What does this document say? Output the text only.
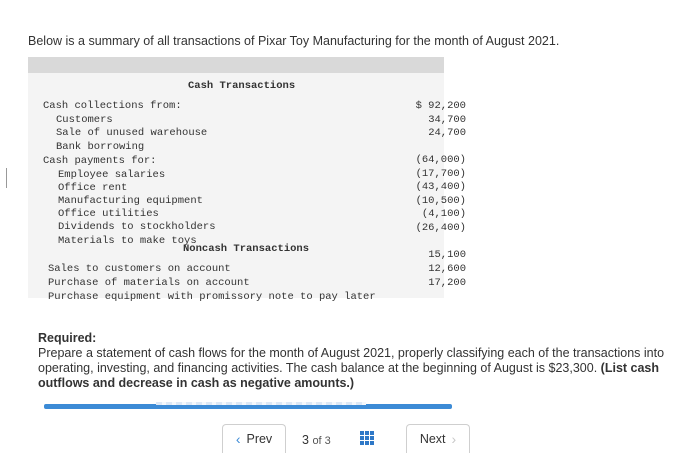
Below is a summary of all transactions of Pixar Toy Manufacturing for the month of August 2021.
Cash Transactions
Cash collections from:
Customers
Sale of unused warehouse
Bank borrowing
Cash payments for:
Employee salaries
Office rent
Manufacturing equipment
Office utilities
Dividends to stockholders
Materials to make toys
Noncash Transactions
Sales to customers on account
Purchase of materials on account
Purchase equipment with promissory note to pay later
$ 92,200
34,700
24,700
(64,000)
(17,700)
(43,400)
(10,500)
(4,100)
(26,400)
15,100
12,600
17,200
Required:
Prepare a statement of cash flows for the month of August 2021, properly classifying each of the transactions into operating, investing, and financing activities. The cash balance at the beginning of August is $23,300. (List cash outflows and decrease in cash as negative amounts.)
‹ Prev 3 of 3	Next ›
